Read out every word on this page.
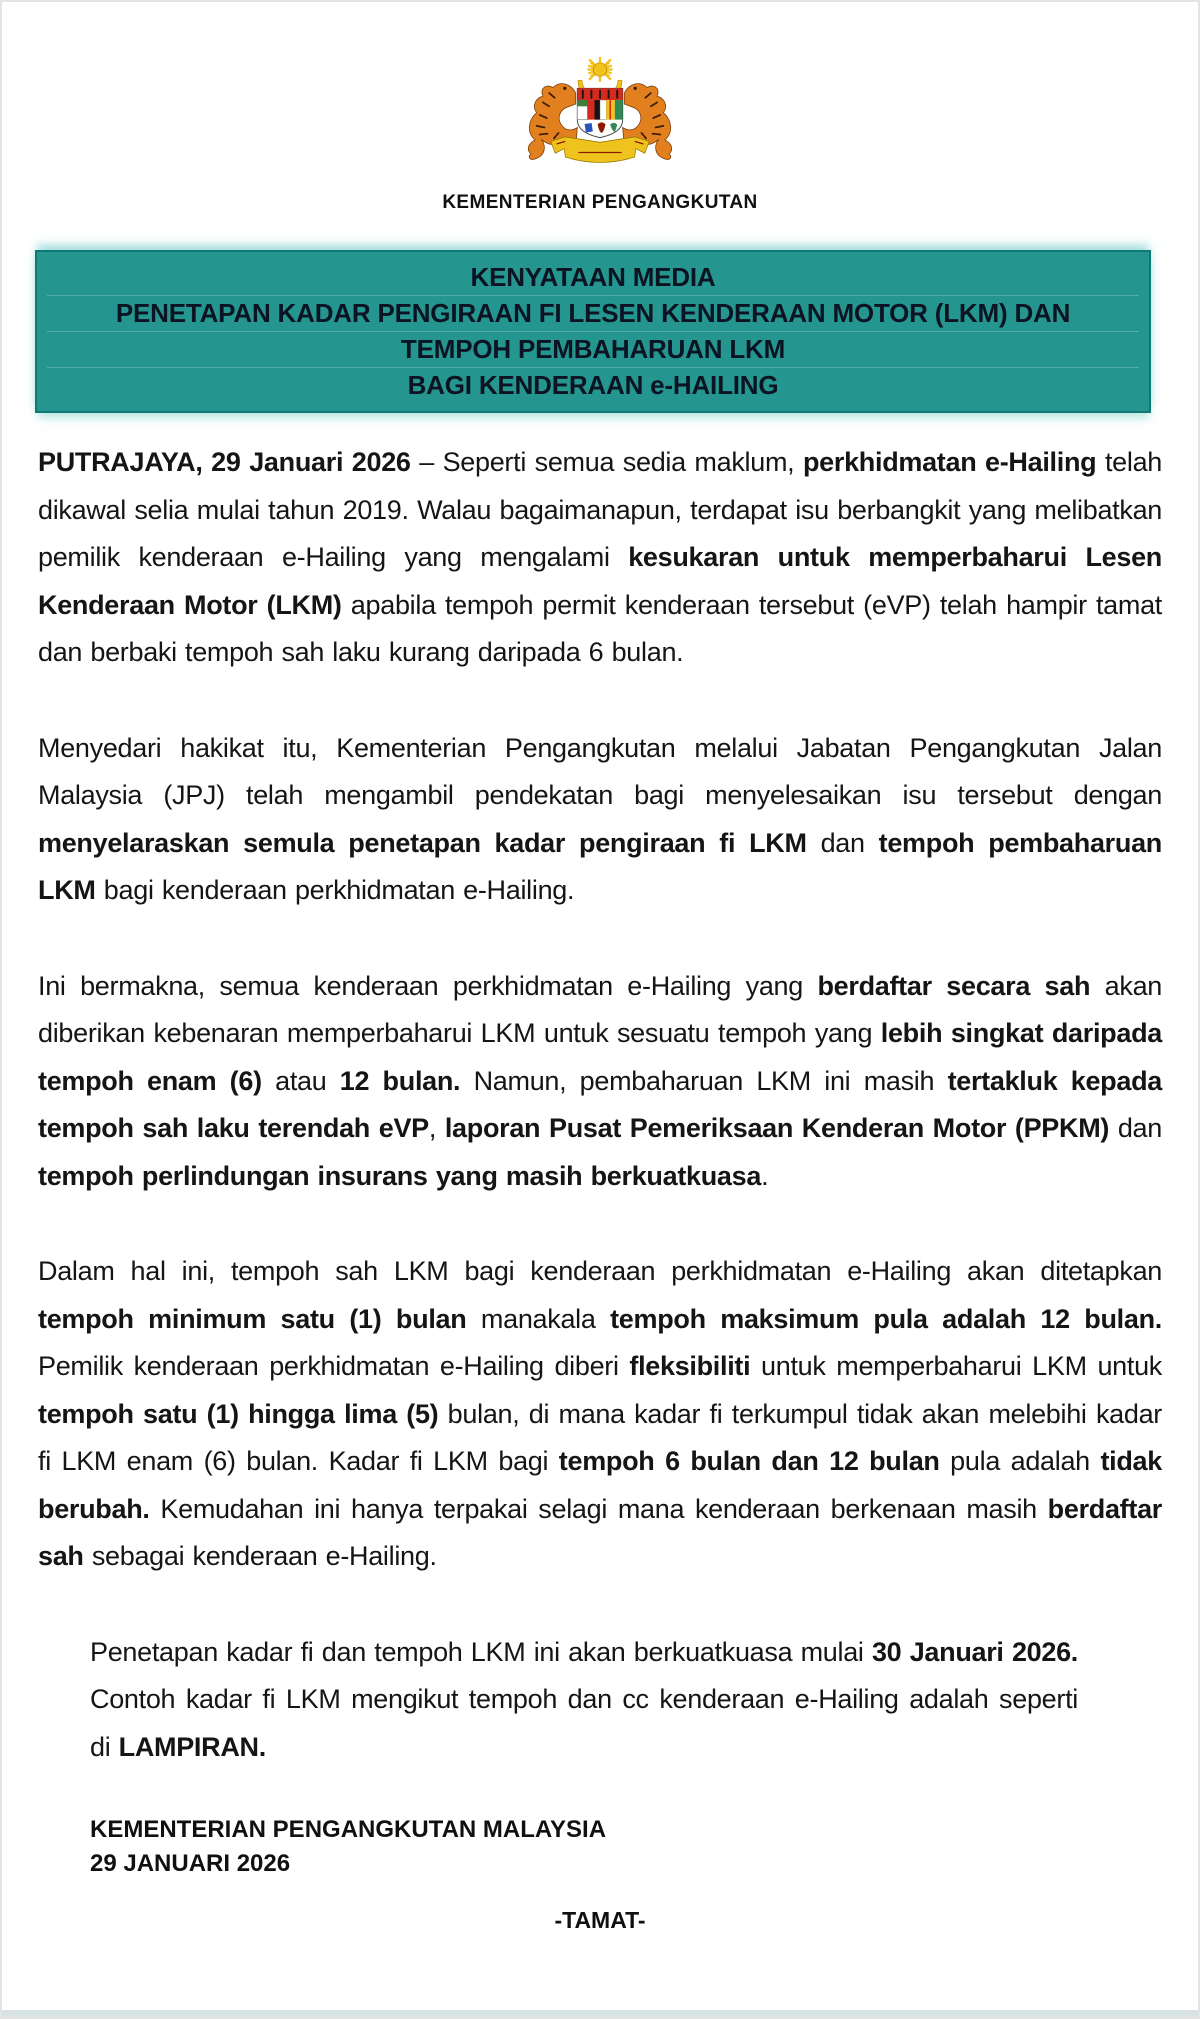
KEMENTERIAN PENGANGKUTAN
KENYATAAN MEDIA
PENETAPAN KADAR PENGIRAAN FI LESEN KENDERAAN MOTOR (LKM) DAN
TEMPOH PEMBAHARUAN LKM
BAGI KENDERAAN e-HAILING

PUTRAJAYA, 29 Januari 2026 – Seperti semua sedia maklum, perkhidmatan e-Hailing telah dikawal selia mulai tahun 2019. Walau bagaimanapun, terdapat isu berbangkit yang melibatkan pemilik kenderaan e-Hailing yang mengalami kesukaran untuk memperbaharui Lesen Kenderaan Motor (LKM) apabila tempoh permit kenderaan tersebut (eVP) telah hampir tamat dan berbaki tempoh sah laku kurang daripada 6 bulan.

Menyedari hakikat itu, Kementerian Pengangkutan melalui Jabatan Pengangkutan Jalan Malaysia (JPJ) telah mengambil pendekatan bagi menyelesaikan isu tersebut dengan menyelaraskan semula penetapan kadar pengiraan fi LKM dan tempoh pembaharuan LKM bagi kenderaan perkhidmatan e-Hailing.

Ini bermakna, semua kenderaan perkhidmatan e-Hailing yang berdaftar secara sah akan diberikan kebenaran memperbaharui LKM untuk sesuatu tempoh yang lebih singkat daripada tempoh enam (6) atau 12 bulan. Namun, pembaharuan LKM ini masih tertakluk kepada tempoh sah laku terendah eVP, laporan Pusat Pemeriksaan Kenderan Motor (PPKM) dan tempoh perlindungan insurans yang masih berkuatkuasa.

Dalam hal ini, tempoh sah LKM bagi kenderaan perkhidmatan e-Hailing akan ditetapkan tempoh minimum satu (1) bulan manakala tempoh maksimum pula adalah 12 bulan. Pemilik kenderaan perkhidmatan e-Hailing diberi fleksibiliti untuk memperbaharui LKM untuk tempoh satu (1) hingga lima (5) bulan, di mana kadar fi terkumpul tidak akan melebihi kadar fi LKM enam (6) bulan. Kadar fi LKM bagi tempoh 6 bulan dan 12 bulan pula adalah tidak berubah. Kemudahan ini hanya terpakai selagi mana kenderaan berkenaan masih berdaftar sah sebagai kenderaan e-Hailing.

Penetapan kadar fi dan tempoh LKM ini akan berkuatkuasa mulai 30 Januari 2026. Contoh kadar fi LKM mengikut tempoh dan cc kenderaan e-Hailing adalah seperti di LAMPIRAN.

KEMENTERIAN PENGANGKUTAN MALAYSIA
29 JANUARI 2026
-TAMAT-
